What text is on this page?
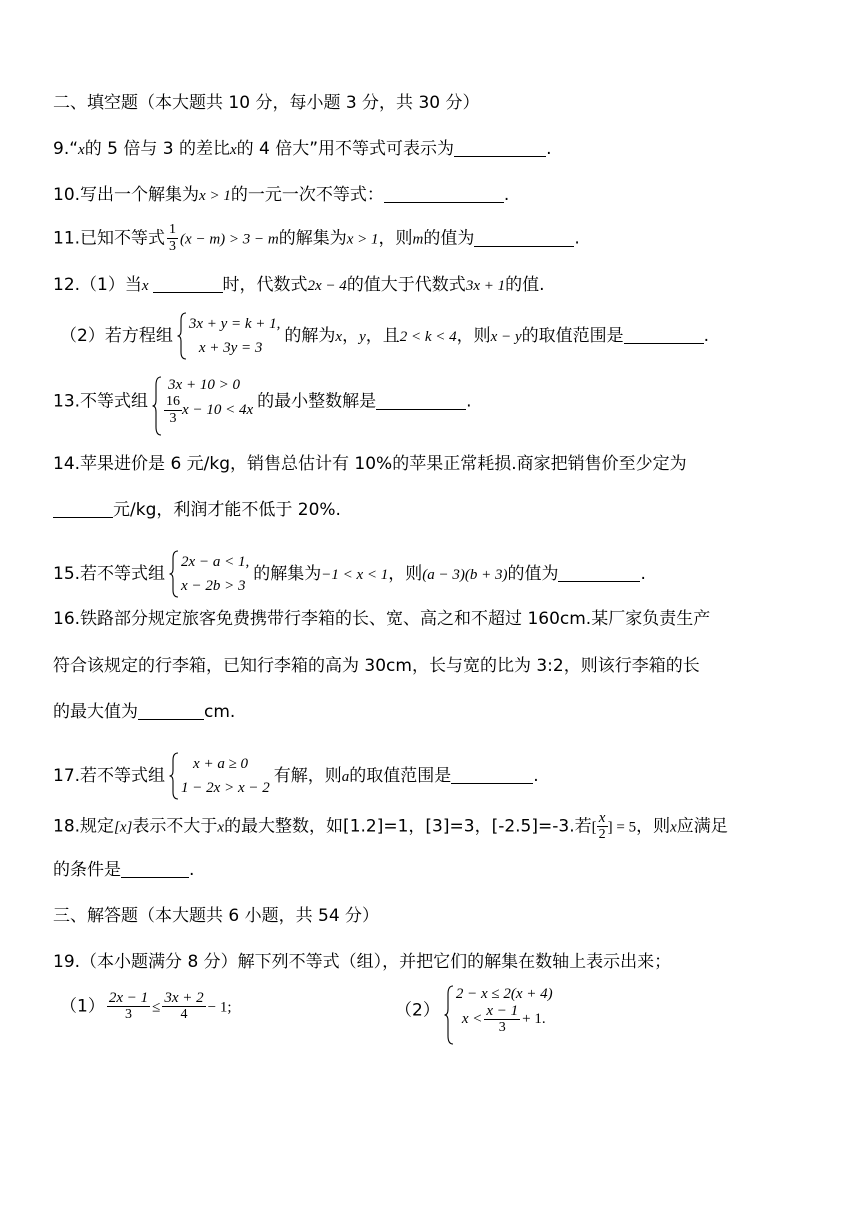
二、填空题（本大题共 10 分，每小题 3 分，共 30 分）
9.“x的 5 倍与 3 的差比x的 4 倍大”用不等式可表示为	.
10.写出一个解集为x > 1的一元一次不等式：	.
11.已知不等式 $\frac{1}{3} (x - m) > 3 - m$的解集为x > 1，则m的值为	.
12.（1）当x	时，代数式2x − 4的值大于代数式3x + 1的值.
（2）若方程组
3x + y = k + 1,
x + 3y = 3
的解为x，y，且2 < k < 4，则x − y的取值范围是	.
13.不等式组
3x + 10 > 0
$\frac{16}{3}$ x − 10 < 4x 的最小整数解是	.
14.苹果进价是 6 元/kg，销售总估计有 10%的苹果正常耗损.商家把销售价至少定为
元/kg，利润才能不低于 20%.
15.若不等式组
2x − a < 1,
x − 2b > 3
的解集为−1 < x < 1，则(a − 3)(b + 3)的值为	.
16.铁路部分规定旅客免费携带行李箱的长、宽、高之和不超过 160cm.某厂家负责生产
符合该规定的行李箱，已知行李箱的高为 30cm，长与宽的比为 3:2，则该行李箱的长
的最大值为	cm.
17.若不等式组
x + a ≥ 0
1 − 2x > x − 2
有解，则a的取值范围是	.
18.规定[x]表示不大于x的最大整数，如[1.2]=1，[3]=3，[-2.5]=-3.若[ $\frac{x}{2}$ ] = 5，则x应满足
的条件是	.
三、解答题（本大题共 6 小题，共 54 分）
19.（本小题满分 8 分）解下列不等式（组），并把它们的解集在数轴上表示出来；
$(1) \frac{2x - 1}{3} \le \frac{3x + 2}{4} - 1$;	（2）
2 − x ≤ 2(x + 4)
$x < \frac{x - 1}{3} + 1$.
